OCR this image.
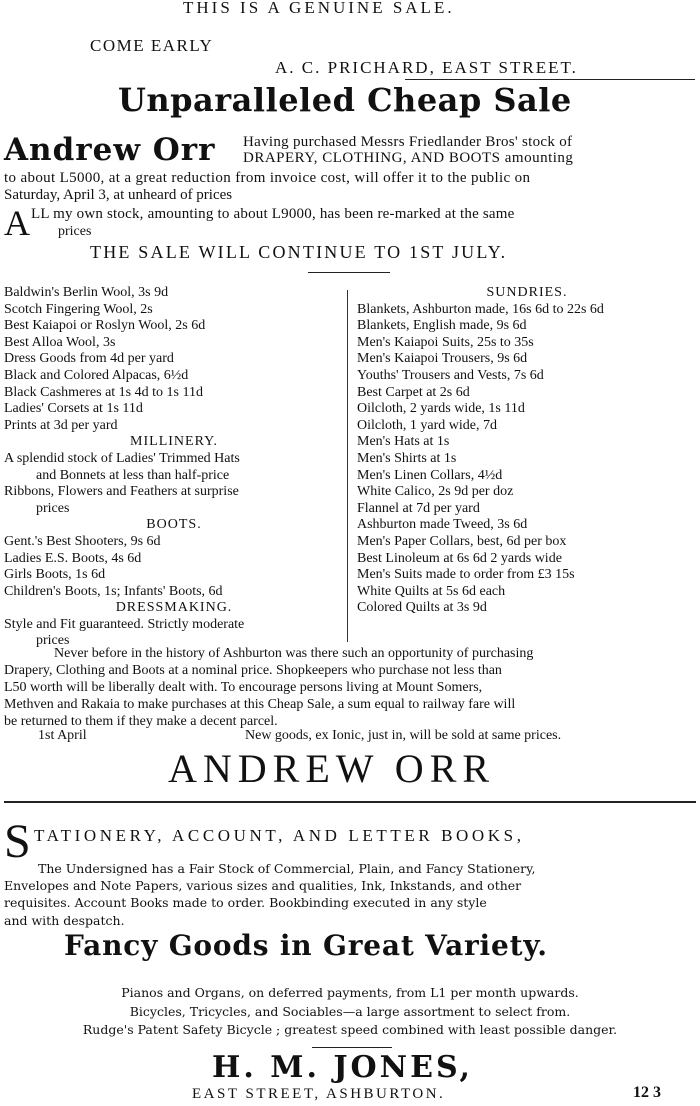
THIS IS A GENUINE SALE.
COME EARLY
A. C. PRICHARD, EAST STREET.
Unparalleled Cheap Sale
Andrew Orr Having purchased Messrs Friedlander Bros' stock of
DRAPERY, CLOTHING, AND BOOTS amounting
to about L5000, at a great reduction from invoice cost, will offer it to the public on
Saturday, April 3, at unheard of prices
A LL my own stock, amounting to about L9000, has been re-marked at the same
prices
THE SALE WILL CONTINUE TO 1ST JULY.
Baldwin's Berlin Wool, 3s 9d
Scotch Fingering Wool, 2s
Best Kaiapoi or Roslyn Wool, 2s 6d
Best Alloa Wool, 3s
Dress Goods from 4d per yard
Black and Colored Alpacas, 6½d
Black Cashmeres at 1s 4d to 1s 11d
Ladies' Corsets at 1s 11d
Prints at 3d per yard
MILLINERY.
A splendid stock of Ladies' Trimmed Hats
and Bonnets at less than half-price
Ribbons, Flowers and Feathers at surprise
prices
BOOTS.
Gent.'s Best Shooters, 9s 6d
Ladies E.S. Boots, 4s 6d
Girls Boots, 1s 6d
Children's Boots, 1s; Infants' Boots, 6d
DRESSMAKING.
Style and Fit guaranteed. Strictly moderate
prices
SUNDRIES.
Blankets, Ashburton made, 16s 6d to 22s 6d
Blankets, English made, 9s 6d
Men's Kaiapoi Suits, 25s to 35s
Men's Kaiapoi Trousers, 9s 6d
Youths' Trousers and Vests, 7s 6d
Best Carpet at 2s 6d
Oilcloth, 2 yards wide, 1s 11d
Oilcloth, 1 yard wide, 7d
Men's Hats at 1s
Men's Shirts at 1s
Men's Linen Collars, 4½d
White Calico, 2s 9d per doz
Flannel at 7d per yard
Ashburton made Tweed, 3s 6d
Men's Paper Collars, best, 6d per box
Best Linoleum at 6s 6d 2 yards wide
Men's Suits made to order from £3 15s
White Quilts at 5s 6d each
Colored Quilts at 3s 9d
Never before in the history of Ashburton was there such an opportunity of purchasing
Drapery, Clothing and Boots at a nominal price. Shopkeepers who purchase not less than
L50 worth will be liberally dealt with. To encourage persons living at Mount Somers,
Methven and Rakaia to make purchases at this Cheap Sale, a sum equal to railway fare will
be returned to them if they make a decent parcel.
1st April	New goods, ex Ionic, just in, will be sold at same prices.
ANDREW ORR
S TATIONERY, ACCOUNT, AND LETTER BOOKS,
The Undersigned has a Fair Stock of Commercial, Plain, and Fancy Stationery,
Envelopes and Note Papers, various sizes and qualities, Ink, Inkstands, and other
requisites. Account Books made to order. Bookbinding executed in any style
and with despatch.
Fancy Goods in Great Variety.
Pianos and Organs, on deferred payments, from L1 per month upwards.
Bicycles, Tricycles, and Sociables—a large assortment to select from.
Rudge's Patent Safety Bicycle ; greatest speed combined with least possible danger.
H. M. JONES,
EAST STREET, ASHBURTON.	12 3
